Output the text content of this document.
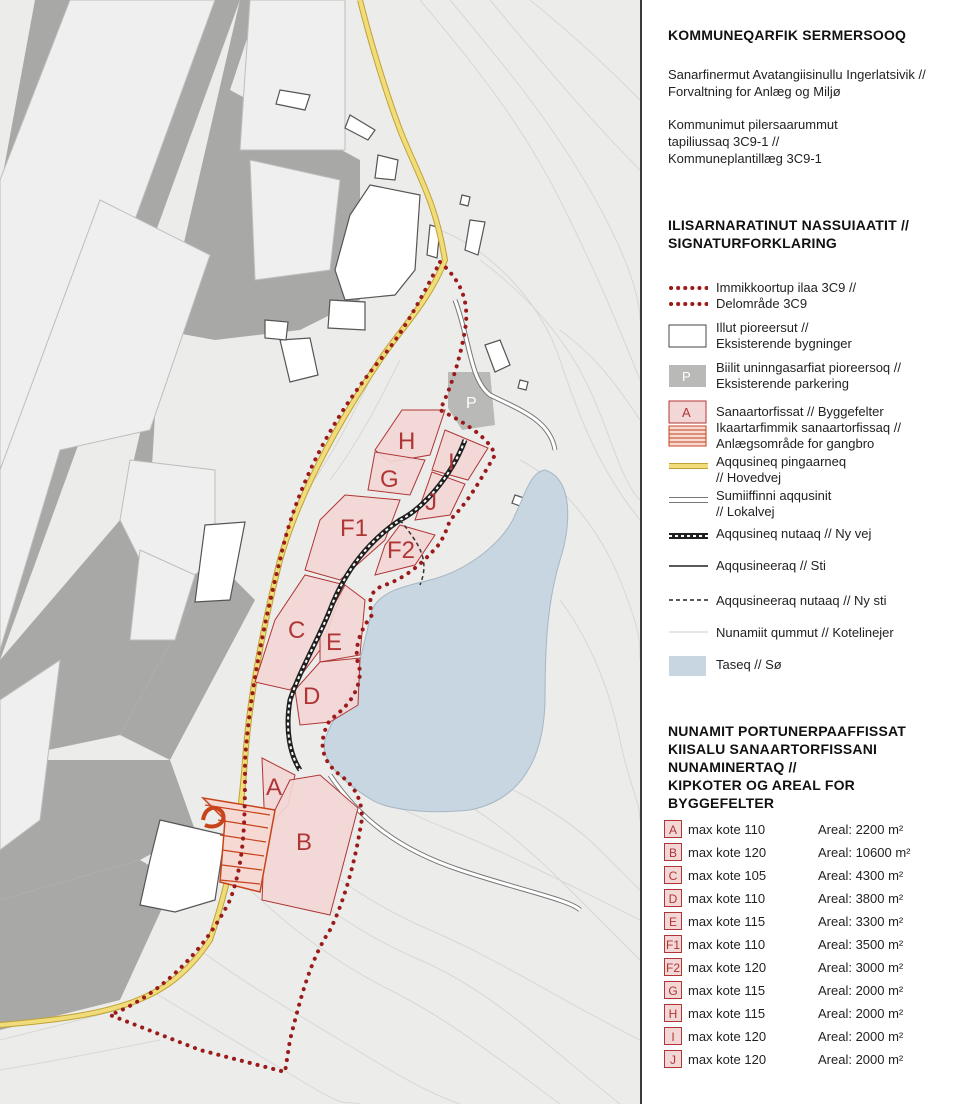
P
H
G
I
J
F1
F2
C E
D
A
B
KOMMUNEQARFIK SERMERSOOQ
Sanarfinermut Avatangiisinullu Ingerlatsivik //
Forvaltning for Anlæg og Miljø
Kommunimut pilersaarummut
tapiliussaq 3C9-1 //
Kommuneplantillæg 3C9-1
ILISARNARATINUT NASSUIAATIT //
SIGNATURFORKLARING
Immikkoortup ilaa 3C9 //
Delområde 3C9
Illut pioreersut //
Eksisterende bygninger
P
Biilit uninngasarfiat pioreersoq //
Eksisterende parkering
A Sanaartorfissat // Byggefelter
Ikaartarfimmik sanaartorfissaq //
Anlægsområde for gangbro
Aqqusineq pingaarneq
// Hovedvej
Sumiiffinni aqqusinit
// Lokalvej
Aqqusineq nutaaq // Ny vej
Aqqusineeraq // Sti
Aqqusineeraq nutaaq // Ny sti
Nunamiit qummut // Kotelinejer
Taseq // Sø
NUNAMIT PORTUNERPAAFFISSAT
KIISALU SANAARTORFISSANI
NUNAMINERTAQ //
KIPKOTER OG AREAL FOR
BYGGEFELTER
A max kote 110	Areal: 2200 m²
B max kote 120	Areal: 10600 m²
C max kote 105	Areal: 4300 m²
D max kote 110	Areal: 3800 m²
E max kote 115	Areal: 3300 m²
F1 max kote 110	Areal: 3500 m²
F2 max kote 120	Areal: 3000 m²
G max kote 115	Areal: 2000 m²
H max kote 115	Areal: 2000 m²
I	max kote 120	Areal: 2000 m²
J max kote 120	Areal: 2000 m²
